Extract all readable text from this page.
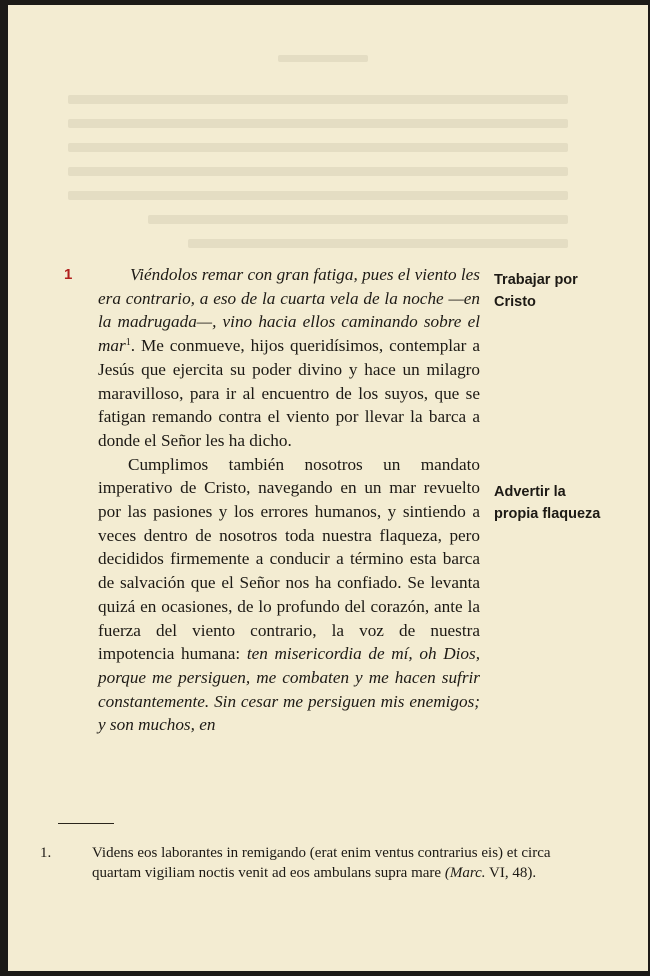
1	Viéndolos remar con gran fatiga, pues el viento les era contrario, a eso de la cuarta vela de la noche —en la madrugada—, vino hacia ellos caminando sobre el mar$^1$. Me conmueve, hijos queridísimos, contemplar a Jesús que ejercita su poder divino y hace un milagro maravilloso, para ir al encuentro de los suyos, que se fatigan remando contra el viento por llevar la barca a donde el Señor les ha dicho.

Cumplimos también nosotros un mandato imperativo de Cristo, navegando en un mar revuelto por las pasiones y los errores humanos, y sintiendo a veces dentro de nosotros toda nuestra flaqueza, pero decididos firmemente a conducir a término esta barca de salvación que el Señor nos ha confiado. Se levanta quizá en ocasiones, de lo profundo del corazón, ante la fuerza del viento contrario, la voz de nuestra impotencia humana: ten misericordia de mí, oh Dios, porque me persiguen, me combaten y me hacen sufrir constantemente. Sin cesar me persiguen mis enemigos; y son muchos, en

Trabajar por
Cristo
Advertir la
propia flaqueza
1.	Videns eos laborantes in remigando (erat enim ventus contrarius eis) et circa quartam vigiliam noctis venit ad eos ambulans supra mare (Marc. VI, 48).
